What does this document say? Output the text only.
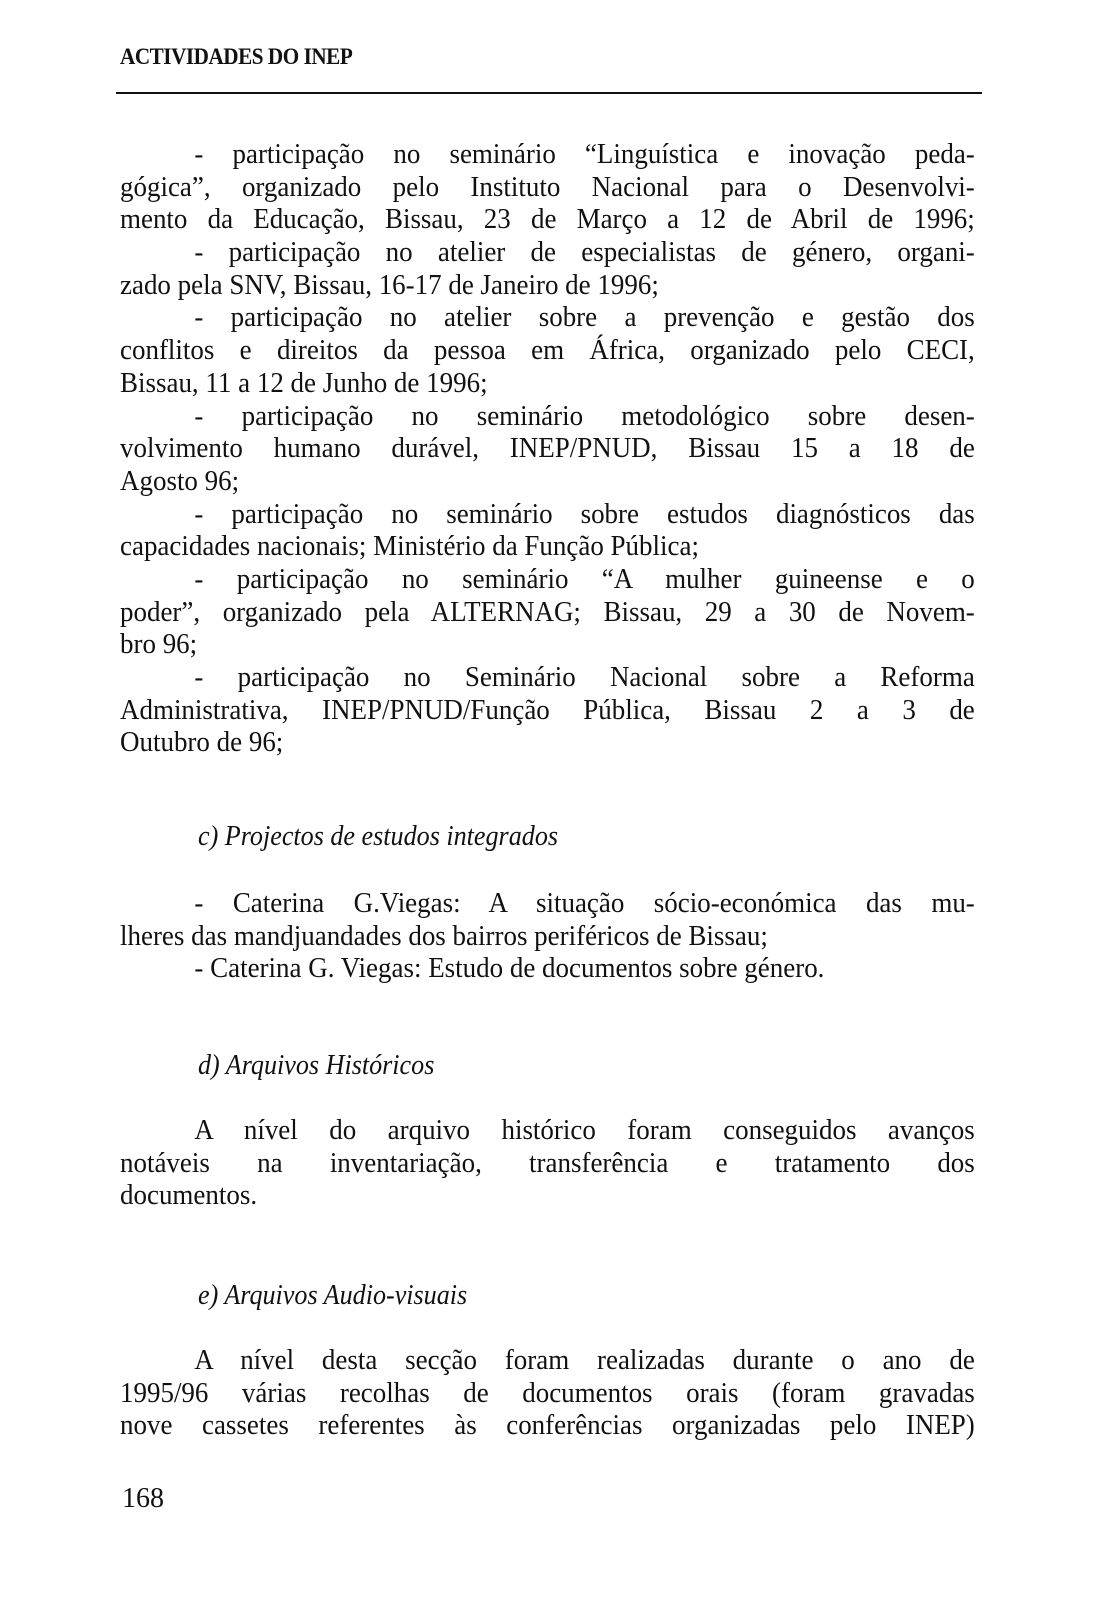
ACTIVIDADES DO INEP
- participação no seminário “Linguística e inovação peda-
gógica”, organizado pelo Instituto Nacional para o Desenvolvi-
mento da Educação, Bissau, 23 de Março a 12 de Abril de 1996;
- participação no atelier de especialistas de género, organi-
zado pela SNV, Bissau, 16-17 de Janeiro de 1996;
- participação no atelier sobre a prevenção e gestão dos
conflitos e direitos da pessoa em África, organizado pelo CECI,
Bissau, 11 a 12 de Junho de 1996;
- participação no seminário metodológico sobre desen-
volvimento humano durável, INEP/PNUD, Bissau 15 a 18 de
Agosto 96;
- participação no seminário sobre estudos diagnósticos das
capacidades nacionais; Ministério da Função Pública;
- participação no seminário “A mulher guineense e o
poder”, organizado pela ALTERNAG; Bissau, 29 a 30 de Novem-
bro 96;
- participação no Seminário Nacional sobre a Reforma
Administrativa, INEP/PNUD/Função Pública, Bissau 2 a 3 de
Outubro de 96;
c) Projectos de estudos integrados
- Caterina G.Viegas: A situação sócio-económica das mu-
lheres das mandjuandades dos bairros periféricos de Bissau;
- Caterina G. Viegas: Estudo de documentos sobre género.
d) Arquivos Históricos
A nível do arquivo histórico foram conseguidos avanços
notáveis na inventariação, transferência e tratamento dos
documentos.
e) Arquivos Audio-visuais
A nível desta secção foram realizadas durante o ano de
1995/96 várias recolhas de documentos orais (foram gravadas
nove cassetes referentes às conferências organizadas pelo INEP)
168
